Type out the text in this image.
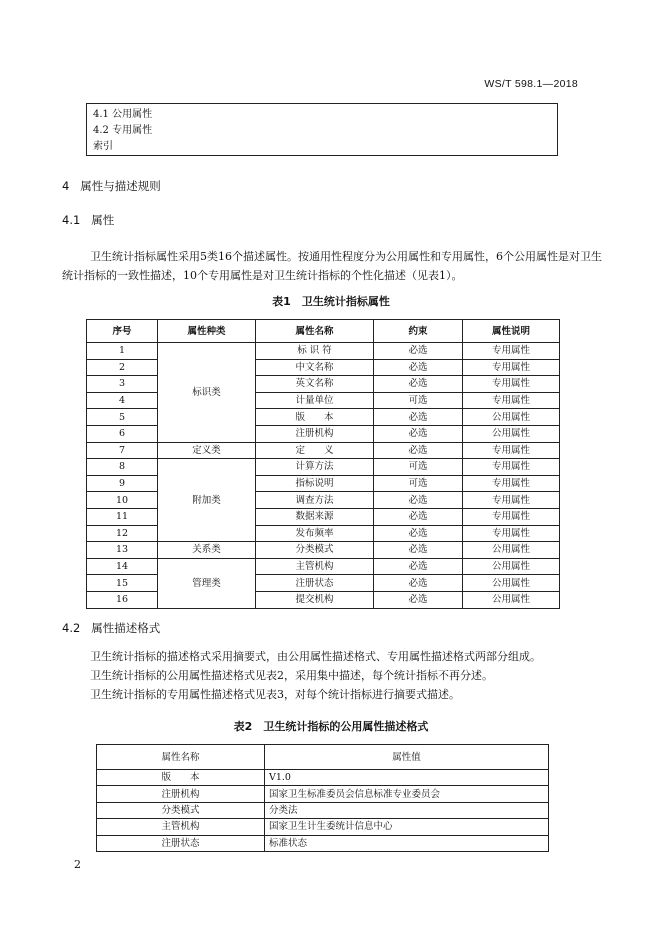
WS/T 598.1—2018
4.1 公用属性
4.2 专用属性
索引
4 属性与描述规则
4.1 属性
卫生统计指标属性采用5类16个描述属性。按通用性程度分为公用属性和专用属性，6个公用属性是对卫生统计指标的一致性描述，10个专用属性是对卫生统计指标的个性化描述（见表1）。
表1　卫生统计指标属性
序号	属性种类	属性名称	约束	属性说明
1	标识类	标 识 符	必选	专用属性
2		中文名称	必选	专用属性
3		英文名称	必选	专用属性
4		计量单位	可选	专用属性
5		版　　本	必选	公用属性
6		注册机构	必选	公用属性
7	定义类	定　　义	必选	专用属性
8	附加类	计算方法	可选	专用属性
9		指标说明	可选	专用属性
10		调查方法	必选	专用属性
11		数据来源	必选	专用属性
12		发布频率	必选	专用属性
13	关系类	分类模式	必选	公用属性
14	管理类	主管机构	必选	公用属性
15		注册状态	必选	公用属性
16		提交机构	必选	公用属性
4.2 属性描述格式
卫生统计指标的描述格式采用摘要式，由公用属性描述格式、专用属性描述格式两部分组成。
卫生统计指标的公用属性描述格式见表2，采用集中描述，每个统计指标不再分述。
卫生统计指标的专用属性描述格式见表3，对每个统计指标进行摘要式描述。
表2　卫生统计指标的公用属性描述格式
属性名称	属性值
版　　本	V1.0
注册机构	国家卫生标准委员会信息标准专业委员会
分类模式	分类法
主管机构	国家卫生计生委统计信息中心
注册状态	标准状态
2
